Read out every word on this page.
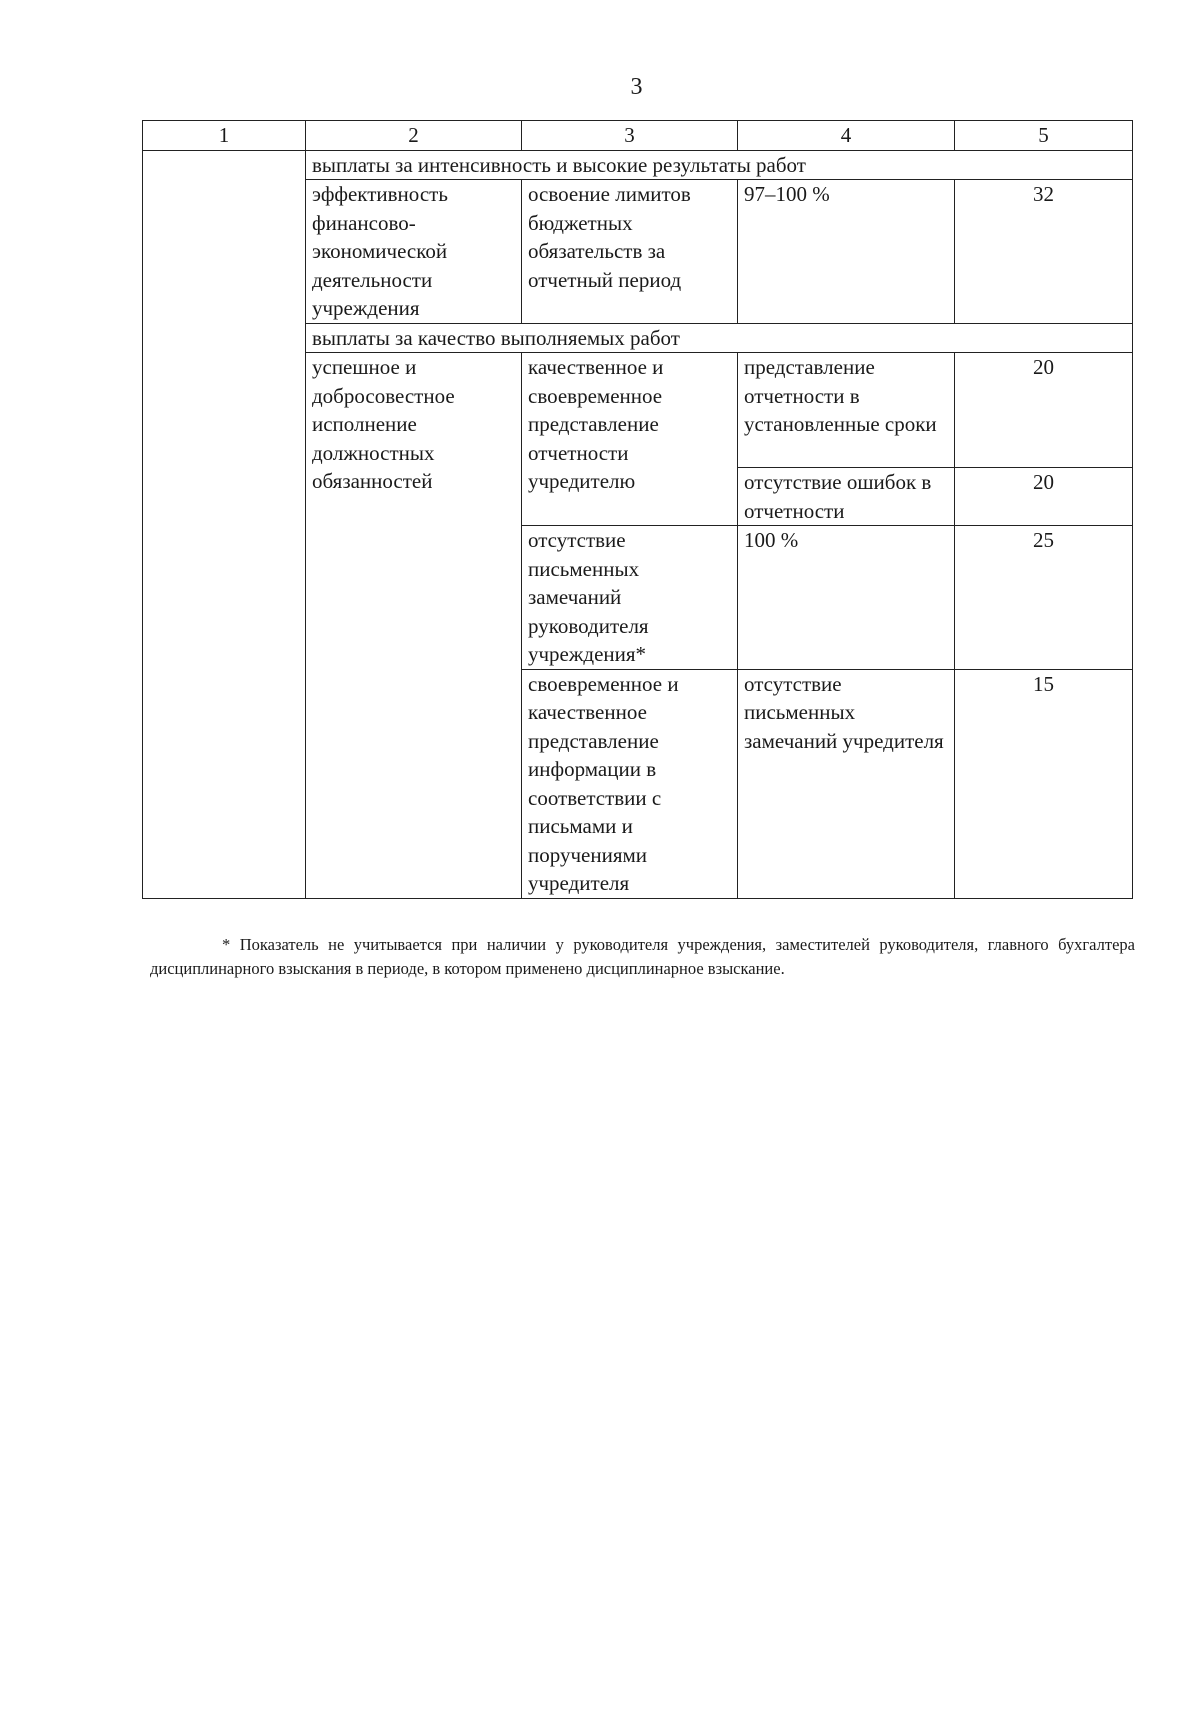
3
1	2	3	4	5
	выплаты за интенсивность и высокие результаты работ			
	эффективность финансово-экономической деятельности учреждения	освоение лимитов бюджетных обязательств за отчетный период	97–100 %	32
	выплаты за качество выполняемых работ			
	успешное и добросовестное исполнение должностных обязанностей	качественное и своевременное представление отчетности учредителю	представление отчетности в установленные сроки	20
			отсутствие ошибок в отчетности	20
		отсутствие письменных замечаний руководителя учреждения*	100 %	25
		своевременное и качественное представление информации в соответствии с письмами и поручениями учредителя	отсутствие письменных замечаний учредителя	15
* Показатель не учитывается при наличии у руководителя учреждения, заместителей руководителя, главного бухгалтера дисциплинарного взыскания в периоде, в котором применено дисциплинарное взыскание.
